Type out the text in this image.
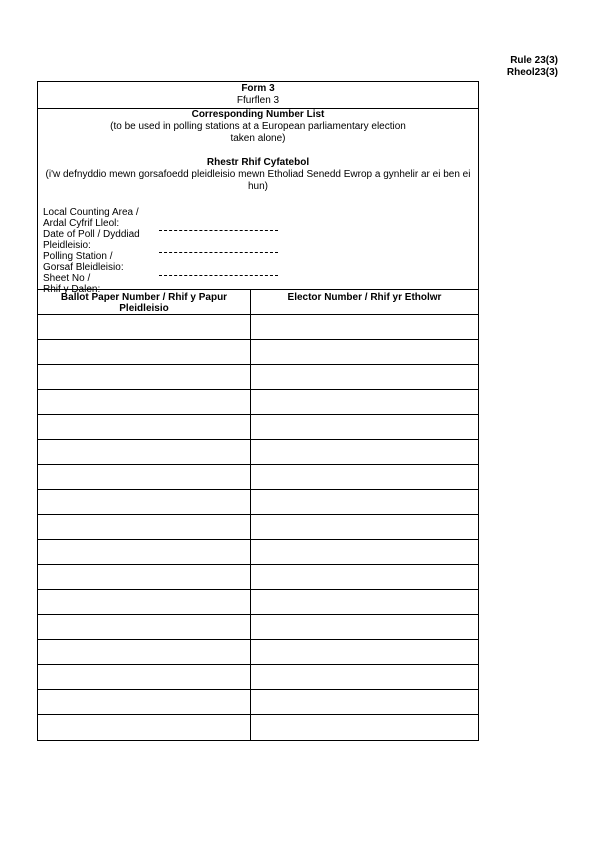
Rule 23(3)
Rheol23(3)
Form 3
Ffurflen 3
Corresponding Number List
(to be used in polling stations at a European parliamentary election taken alone)
Rhestr Rhif Cyfatebol
(i'w defnyddio mewn gorsafoedd pleidleisio mewn Etholiad Senedd Ewrop a gynhelir ar ei ben ei hun)
Local Counting Area /
Ardal Cyfrif Lleol:
Date of Poll / Dyddiad
Pleidleisio:
Polling Station /
Gorsaf Bleidleisio:
Sheet No /
Rhif y Dalen:
Ballot Paper Number / Rhif y Papur Pleidleisio
Elector Number / Rhif yr Etholwr
